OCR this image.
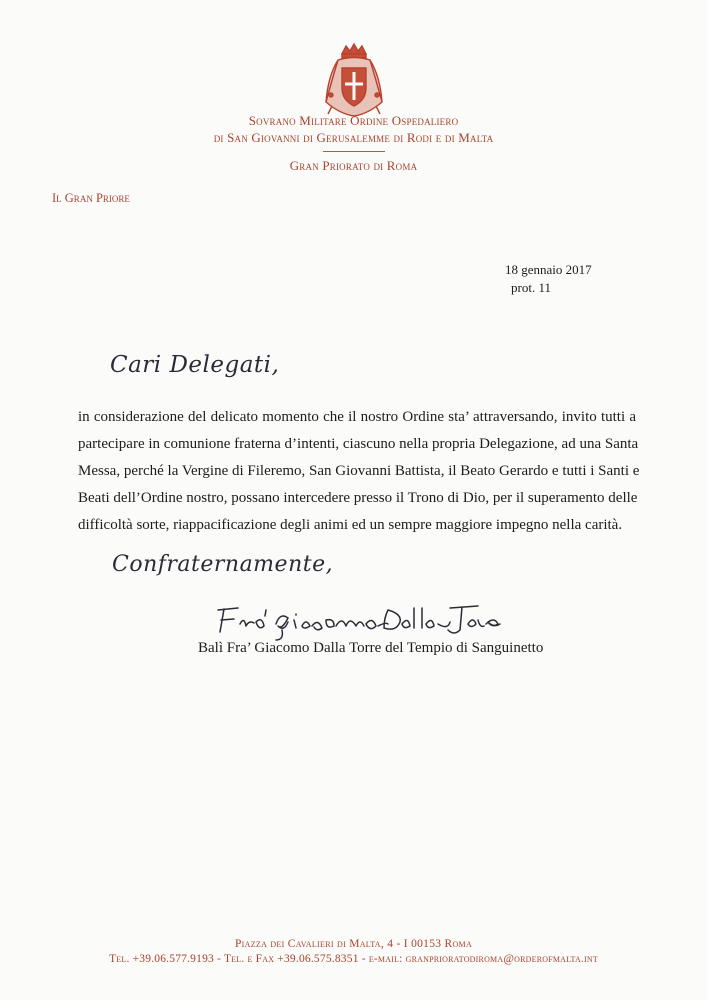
Sovrano Militare Ordine Ospedaliero
di San Giovanni di Gerusalemme di Rodi e di Malta
Gran Priorato di Roma
Il Gran Priore
18 gennaio 2017
prot. 11
Cari Delegati,
in considerazione del delicato momento che il nostro Ordine sta’ attraversando, invito tutti a
partecipare in comunione fraterna d’intenti, ciascuno nella propria Delegazione, ad una Santa
Messa, perché la Vergine di Fileremo, San Giovanni Battista, il Beato Gerardo e tutti i Santi e
Beati dell’Ordine nostro, possano intercedere presso il Trono di Dio, per il superamento delle
difficoltà sorte, riappacificazione degli animi ed un sempre maggiore impegno nella carità.
Confraternamente,
Balì Fra’ Giacomo Dalla Torre del Tempio di Sanguinetto
Piazza dei Cavalieri di Malta, 4 - I 00153 Roma
Tel. +39.06.577.9193 - Tel. e Fax +39.06.575.8351 - e-mail: granprioratodiroma@orderofmalta.int
